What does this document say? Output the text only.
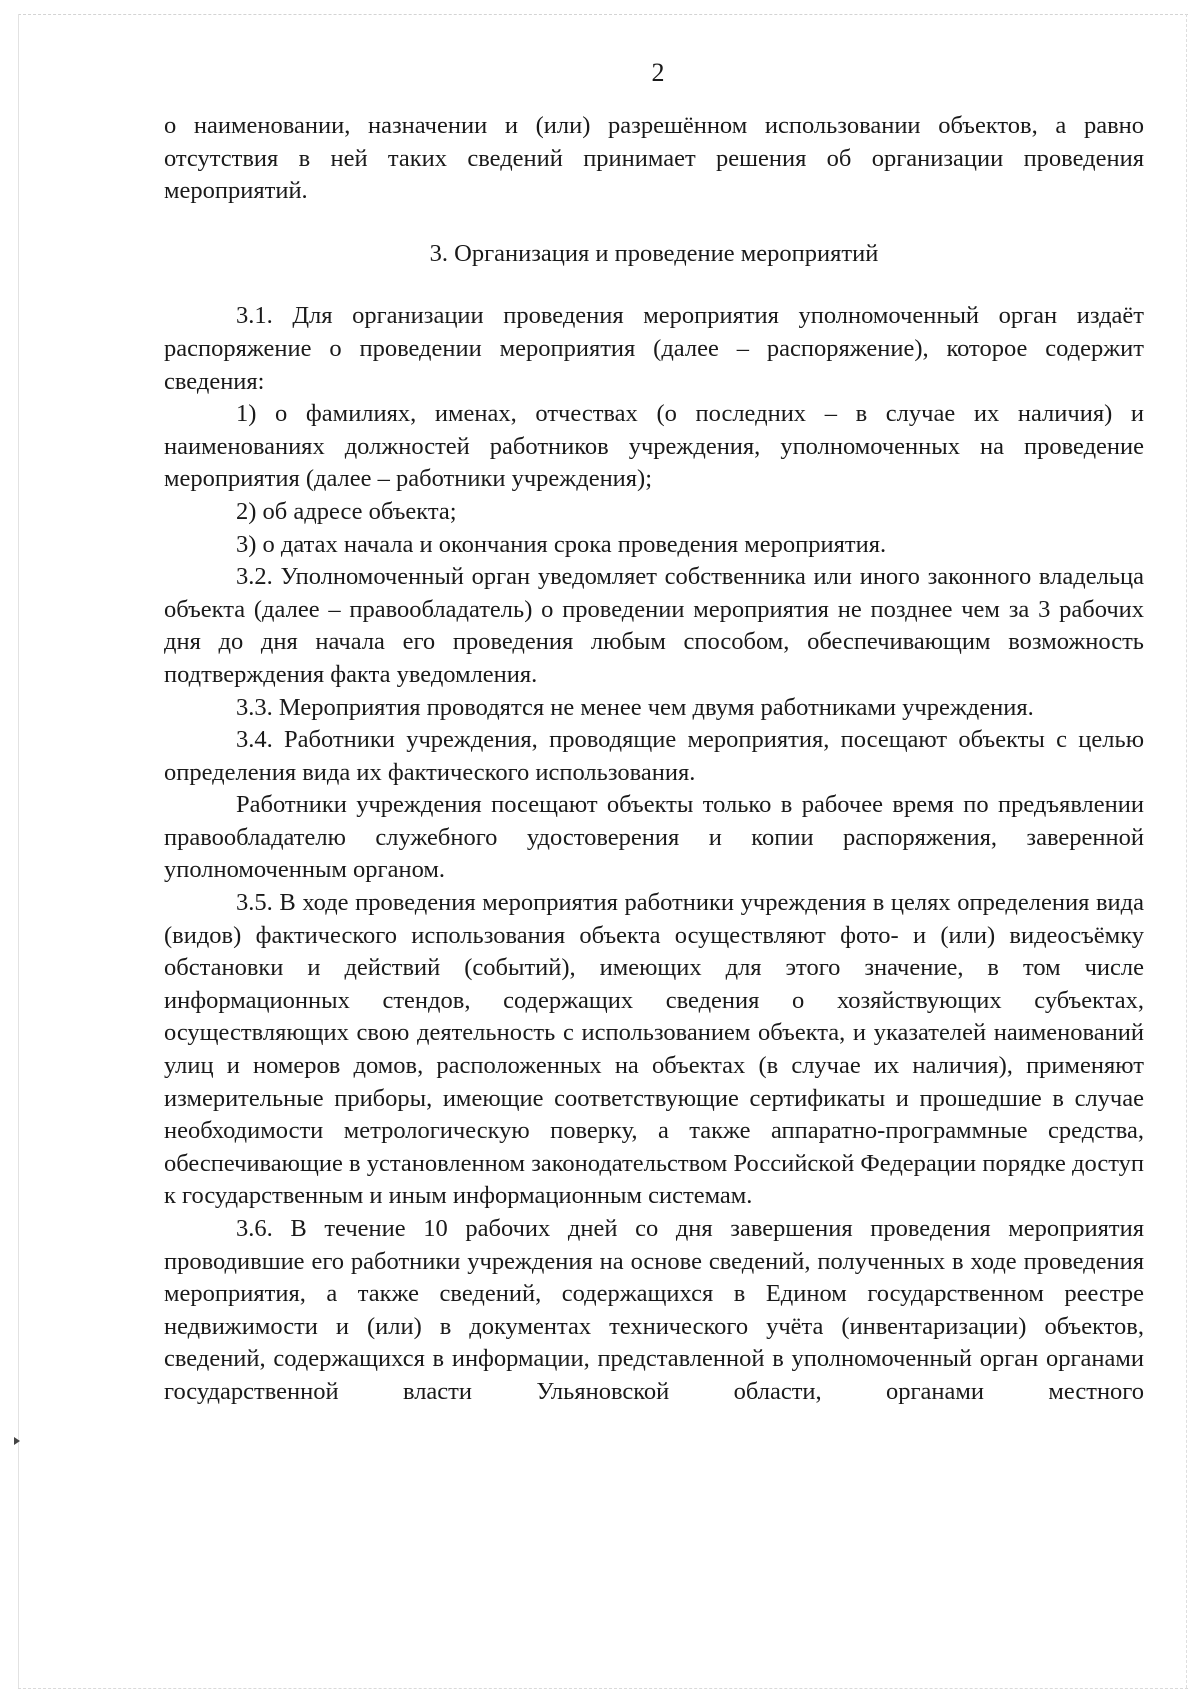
2

о наименовании, назначении и (или) разрешённом использовании объектов, а равно отсутствия в ней таких сведений принимает решения об организации проведения мероприятий.

3. Организация и проведение мероприятий

3.1. Для организации проведения мероприятия уполномоченный орган издаёт распоряжение о проведении мероприятия (далее – распоряжение), которое содержит сведения:

1) о фамилиях, именах, отчествах (о последних – в случае их наличия) и наименованиях должностей работников учреждения, уполномоченных на проведение мероприятия (далее – работники учреждения);

2) об адресе объекта;

3) о датах начала и окончания срока проведения мероприятия.

3.2. Уполномоченный орган уведомляет собственника или иного законного владельца объекта (далее – правообладатель) о проведении мероприятия не позднее чем за 3 рабочих дня до дня начала его проведения любым способом, обеспечивающим возможность подтверждения факта уведомления.

3.3. Мероприятия проводятся не менее чем двумя работниками учреждения.

3.4. Работники учреждения, проводящие мероприятия, посещают объекты с целью определения вида их фактического использования.

Работники учреждения посещают объекты только в рабочее время по предъявлении правообладателю служебного удостоверения и копии распоряжения, заверенной уполномоченным органом.

3.5. В ходе проведения мероприятия работники учреждения в целях определения вида (видов) фактического использования объекта осуществляют фото- и (или) видеосъёмку обстановки и действий (событий), имеющих для этого значение, в том числе информационных стендов, содержащих сведения о хозяйствующих субъектах, осуществляющих свою деятельность с использованием объекта, и указателей наименований улиц и номеров домов, расположенных на объектах (в случае их наличия), применяют измерительные приборы, имеющие соответствующие сертификаты и прошедшие в случае необходимости метрологическую поверку, а также аппаратно-программные средства, обеспечивающие в установленном законодательством Российской Федерации порядке доступ к государственным и иным информационным системам.

3.6. В течение 10 рабочих дней со дня завершения проведения мероприятия проводившие его работники учреждения на основе сведений, полученных в ходе проведения мероприятия, а также сведений, содержащихся в Едином государственном реестре недвижимости и (или) в документах технического учёта (инвентаризации) объектов, сведений, содержащихся в информации, представленной в уполномоченный орган органами государственной власти Ульяновской области, органами местного
